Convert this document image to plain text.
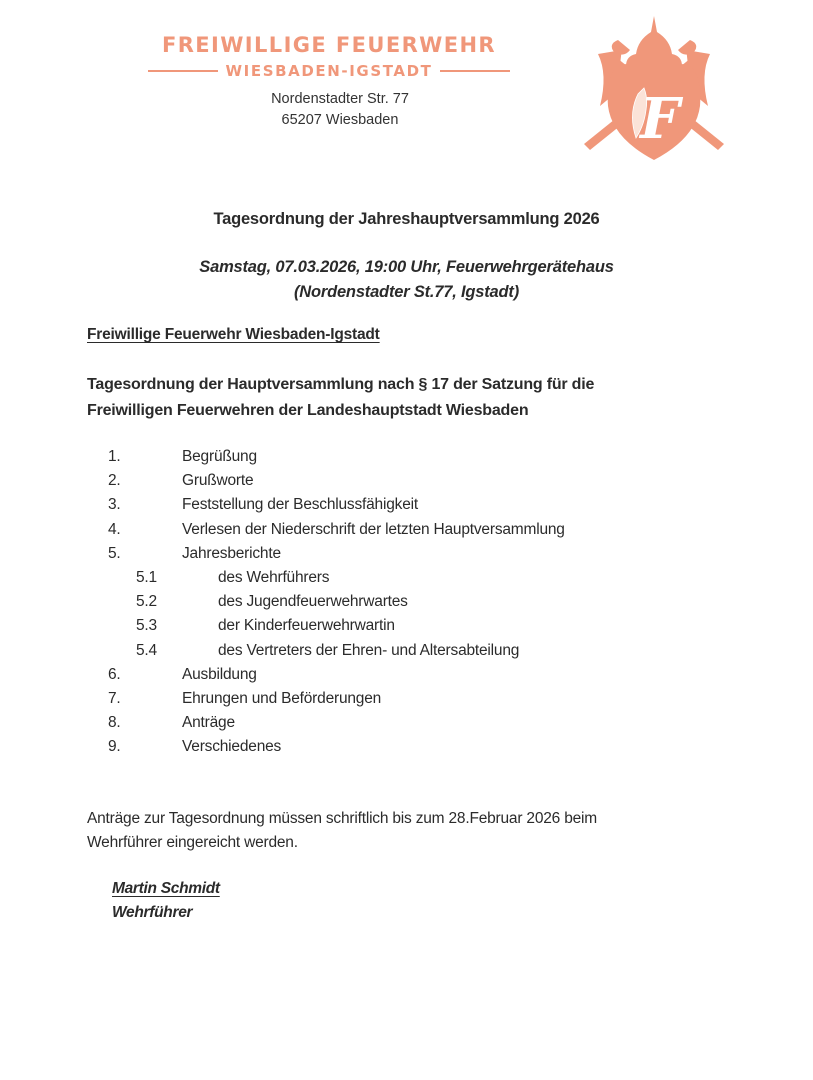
FREIWILLIGE FEUERWEHR
WIESBADEN-IGSTADT
Nordenstadter Str. 77
65207 Wiesbaden	F
Tagesordnung der Jahreshauptversammlung 2026
Samstag, 07.03.2026, 19:00 Uhr, Feuerwehrgerätehaus
(Nordenstadter St.77, Igstadt)
Freiwillige Feuerwehr Wiesbaden-Igstadt
Tagesordnung der Hauptversammlung nach § 17 der Satzung für die
Freiwilligen Feuerwehren der Landeshauptstadt Wiesbaden
1.	Begrüßung
2.	Grußworte
3.	Feststellung der Beschlussfähigkeit
4.	Verlesen der Niederschrift der letzten Hauptversammlung
5.	Jahresberichte
5.1	des Wehrführers
5.2	des Jugendfeuerwehrwartes
5.3	der Kinderfeuerwehrwartin
5.4	des Vertreters der Ehren- und Altersabteilung
6.	Ausbildung
7.	Ehrungen und Beförderungen
8.	Anträge
9.	Verschiedenes
Anträge zur Tagesordnung müssen schriftlich bis zum 28.Februar 2026 beim
Wehrführer eingereicht werden.
Martin Schmidt
Wehrführer
